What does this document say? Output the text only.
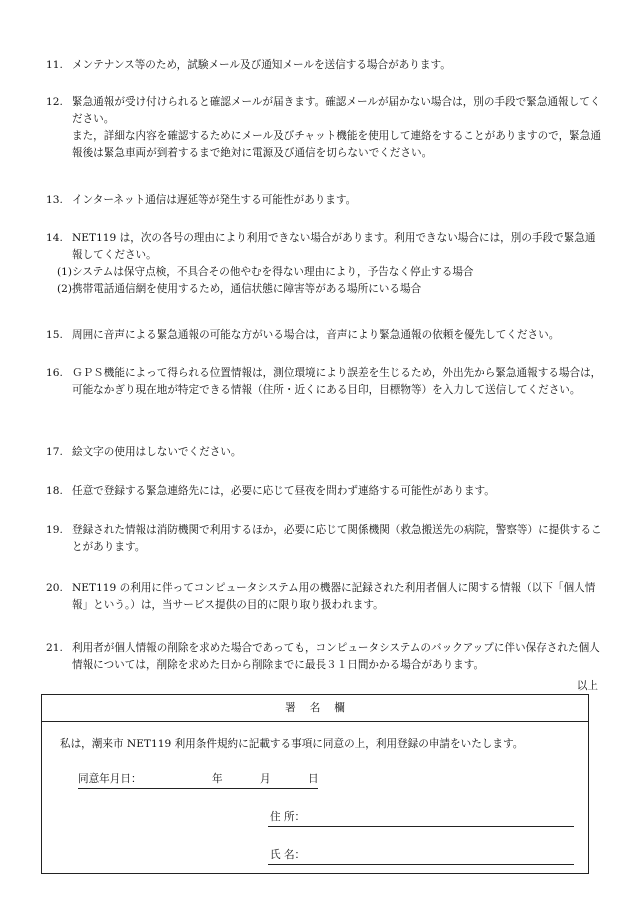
11. メンテナンス等のため，試験メール及び通知メールを送信する場合があります。

12. 緊急通報が受け付けられると確認メールが届きます。確認メールが届かない場合は，別の手段で緊急通報してください。

また，詳細な内容を確認するためにメール及びチャット機能を使用して連絡をすることがありますので，緊急通報後は緊急車両が到着するまで絶対に電源及び通信を切らないでください。

13. インターネット通信は遅延等が発生する可能性があります。

14. NET119 は，次の各号の理由により利用できない場合があります。利用できない場合には，別の手段で緊急通報してください。

(1)システムは保守点検，不具合その他やむを得ない理由により，予告なく停止する場合

(2)携帯電話通信網を使用するため，通信状態に障害等がある場所にいる場合

15. 周囲に音声による緊急通報の可能な方がいる場合は，音声により緊急通報の依頼を優先してください。

16. ＧＰＳ機能によって得られる位置情報は，測位環境により誤差を生じるため，外出先から緊急通報する場合は，可能なかぎり現在地が特定できる情報（住所・近くにある目印，目標物等）を入力して送信してください。

17. 絵文字の使用はしないでください。

18. 任意で登録する緊急連絡先には，必要に応じて昼夜を問わず連絡する可能性があります。

19. 登録された情報は消防機関で利用するほか，必要に応じて関係機関（救急搬送先の病院，警察等）に提供することがあります。

20. NET119 の利用に伴ってコンピュータシステム用の機器に記録された利用者個人に関する情報（以下「個人情報」という。）は，当サービス提供の目的に限り取り扱われます。

21. 利用者が個人情報の削除を求めた場合であっても，コンピュータシステムのバックアップに伴い保存された個人情報については，削除を求めた日から削除までに最長３１日間かかる場合があります。

以上
署名欄
私は，潮来市 NET119 利用条件規約に記載する事項に同意の上，利用登録の申請をいたします。
同意年月日：	年	月	日
住 所：
氏 名：
